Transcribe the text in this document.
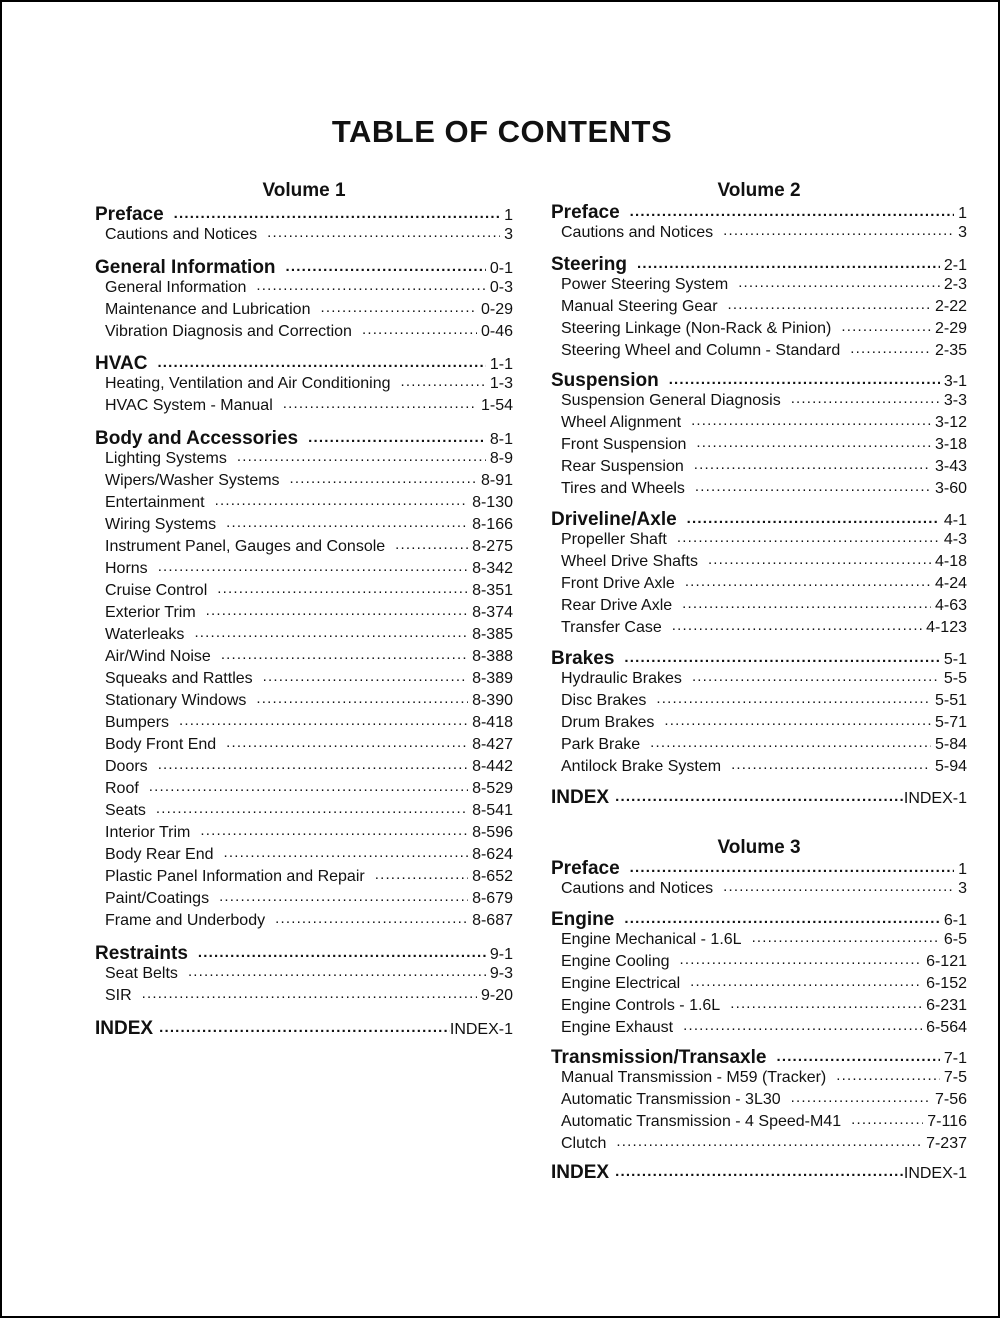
TABLE OF CONTENTS
Volume 1
Preface .....	1
Cautions and Notices .....	3
General Information .....	0-1
General Information .....	0-3
Maintenance and Lubrication .....	0-29
Vibration Diagnosis and Correction .....	0-46
HVAC .....	1-1
Heating, Ventilation and Air Conditioning .....	1-3
HVAC System - Manual .....	1-54
Body and Accessories .....	8-1
Lighting Systems .....	8-9
Wipers/Washer Systems .....	8-91
Entertainment .....	8-130
Wiring Systems .....	8-166
Instrument Panel, Gauges and Console .....	8-275
Horns .....	8-342
Cruise Control .....	8-351
Exterior Trim .....	8-374
Waterleaks .....	8-385
Air/Wind Noise .....	8-388
Squeaks and Rattles .....	8-389
Stationary Windows .....	8-390
Bumpers .....	8-418
Body Front End .....	8-427
Doors .....	8-442
Roof .....	8-529
Seats .....	8-541
Interior Trim .....	8-596
Body Rear End .....	8-624
Plastic Panel Information and Repair .....	8-652
Paint/Coatings .....	8-679
Frame and Underbody .....	8-687
Restraints .....	9-1
Seat Belts .....	9-3
SIR .....	9-20
INDEX .....	INDEX-1
Volume 2
Preface .....	1
Cautions and Notices .....	3
Steering .....	2-1
Power Steering System .....	2-3
Manual Steering Gear .....	2-22
Steering Linkage (Non-Rack & Pinion) .....	2-29
Steering Wheel and Column - Standard .....	2-35
Suspension .....	3-1
Suspension General Diagnosis .....	3-3
Wheel Alignment .....	3-12
Front Suspension .....	3-18
Rear Suspension .....	3-43
Tires and Wheels .....	3-60
Driveline/Axle .....	4-1
Propeller Shaft .....	4-3
Wheel Drive Shafts .....	4-18
Front Drive Axle .....	4-24
Rear Drive Axle .....	4-63
Transfer Case .....	4-123
Brakes .....	5-1
Hydraulic Brakes .....	5-5
Disc Brakes .....	5-51
Drum Brakes .....	5-71
Park Brake .....	5-84
Antilock Brake System .....	5-94
INDEX .....	INDEX-1
Volume 3
Preface .....	1
Cautions and Notices .....	3
Engine .....	6-1
Engine Mechanical - 1.6L .....	6-5
Engine Cooling .....	6-121
Engine Electrical .....	6-152
Engine Controls - 1.6L .....	6-231
Engine Exhaust .....	6-564
Transmission/Transaxle .....	7-1
Manual Transmission - M59 (Tracker) .....	7-5
Automatic Transmission - 3L30 .....	7-56
Automatic Transmission - 4 Speed-M41 .....	7-116
Clutch .....	7-237
INDEX .....	INDEX-1
